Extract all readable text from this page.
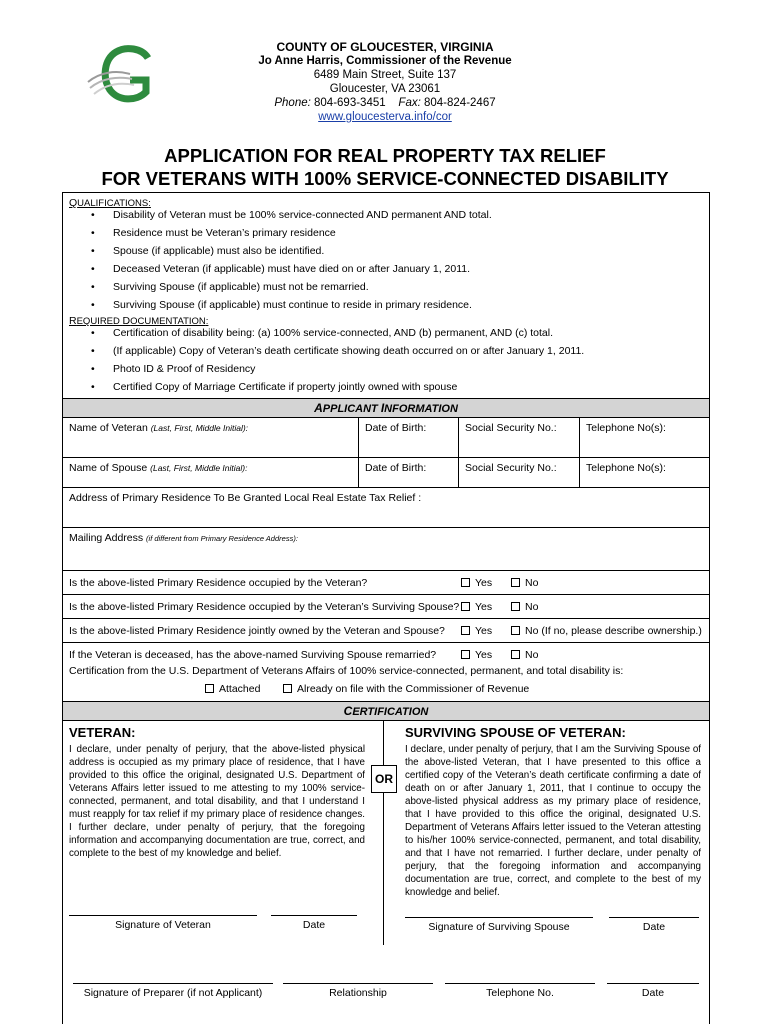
COUNTY OF GLOUCESTER, VIRGINIA
Jo Anne Harris, Commissioner of the Revenue
6489 Main Street, Suite 137
Gloucester, VA 23061
Phone: 804-693-3451 Fax: 804-824-2467
www.gloucesterva.info/cor
APPLICATION FOR REAL PROPERTY TAX RELIEF
FOR VETERANS WITH 100% SERVICE-CONNECTED DISABILITY
QUALIFICATIONS:
• Disability of Veteran must be 100% service-connected AND permanent AND total.
• Residence must be Veteran’s primary residence
• Spouse (if applicable) must also be identified.
• Deceased Veteran (if applicable) must have died on or after January 1, 2011.
• Surviving Spouse (if applicable) must not be remarried.
• Surviving Spouse (if applicable) must continue to reside in primary residence.
REQUIRED DOCUMENTATION:
• Certification of disability being: (a) 100% service-connected, AND (b) permanent, AND (c) total.
• (If applicable) Copy of Veteran’s death certificate showing death occurred on or after January 1, 2011.
• Photo ID & Proof of Residency
• Certified Copy of Marriage Certificate if property jointly owned with spouse
APPLICANT INFORMATION
Name of Veteran (Last, First, Middle Initial):	Date of Birth:	Social Security No.:	Telephone No(s):
Name of Spouse (Last, First, Middle Initial):	Date of Birth:	Social Security No.:	Telephone No(s):
Address of Primary Residence To Be Granted Local Real Estate Tax Relief :
Mailing Address (if different from Primary Residence Address):
Is the above-listed Primary Residence occupied by the Veteran?	Yes	No
Is the above-listed Primary Residence occupied by the Veteran’s Surviving Spouse?	Yes	No
Is the above-listed Primary Residence jointly owned by the Veteran and Spouse?	Yes	No (If no, please describe ownership.)
If the Veteran is deceased, has the above-named Surviving Spouse remarried?	Yes	No
Certification from the U.S. Department of Veterans Affairs of 100% service-connected, permanent, and total disability is:
Attached	Already on file with the Commissioner of Revenue
CERTIFICATION
OR
VETERAN:
I declare, under penalty of perjury, that the above-listed physical address is occupied as my primary place of residence, that I have provided to this office the original, designated U.S. Department of Veterans Affairs letter issued to me attesting to my 100% service-connected, permanent, and total disability, and that I understand I must reapply for tax relief if my primary place of residence changes. I further declare, under penalty of perjury, that the foregoing information and accompanying documentation are true, correct, and complete to the best of my knowledge and belief.
SURVIVING SPOUSE OF VETERAN:
I declare, under penalty of perjury, that I am the Surviving Spouse of the above-listed Veteran, that I have presented to this office a certified copy of the Veteran’s death certificate confirming a date of death on or after January 1, 2011, that I continue to occupy the above-listed physical address as my primary place of residence, that I have provided to this office the original, designated U.S. Department of Veterans Affairs letter issued to the Veteran attesting to his/her 100% service-connected, permanent, and total disability, and that I have not remarried. I further declare, under penalty of perjury, that the foregoing information and accompanying documentation are true, correct, and complete to the best of my knowledge and belief.
Signature of Veteran	Date	Signature of Surviving Spouse	Date
Signature of Preparer (if not Applicant)	Relationship	Telephone No.	Date
